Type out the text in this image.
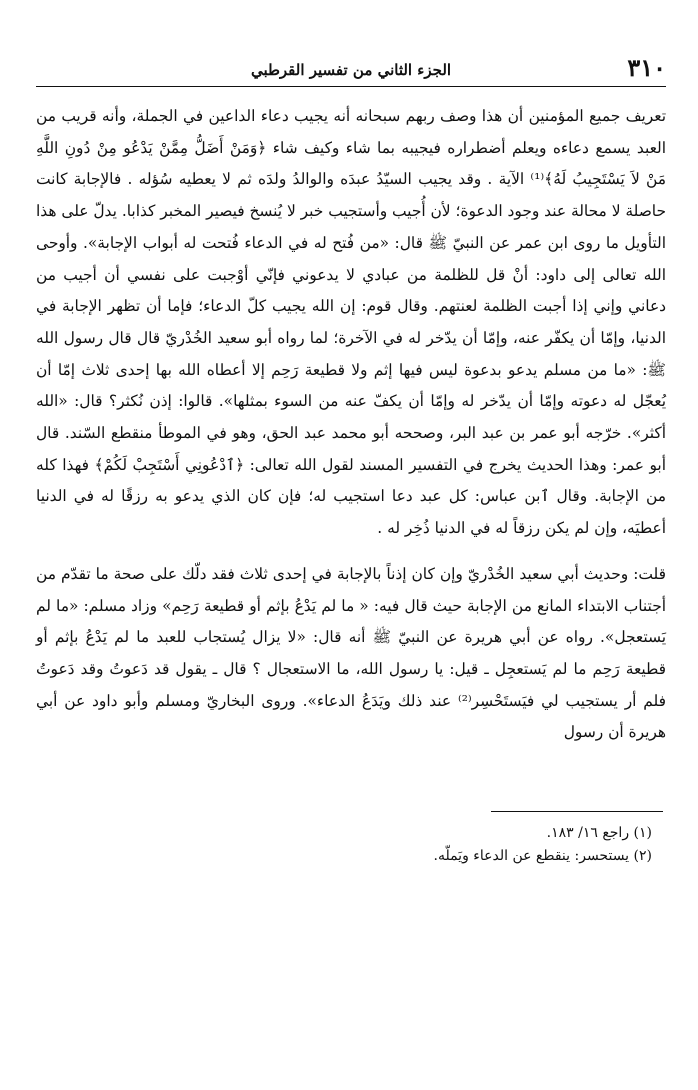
٣١٠
الجزء الثاني من تفسير القرطبي

تعريف جميع المؤمنين أن هذا وصف ربهم سبحانه أنه يجيب دعاء الداعين في الجملة، وأنه قريب من العبد يسمع دعاءه ويعلم أضطراره فيجيبه بما شاء وكيف شاء ﴿وَمَنْ أَضَلُّ مِمَّنْ يَدْعُو مِنْ دُونِ اللَّهِ مَنْ لاَ يَسْتَجِيبُ لَهُ﴾⁽¹⁾ الآية . وقد يجيب السيّدُ عبدَه والوالدُ ولدَه ثم لا يعطيه سُؤله . فالإجابة كانت حاصلة لا محالة عند وجود الدعوة؛ لأن أُجيب وأستجيب خبر لا يُنسخ فيصير المخبر كذابا. يدلّ على هذا التأويل ما روى ابن عمر عن النبيّ ﷺ قال: «من فُتح له في الدعاء فُتحت له أبواب الإجابة». وأوحى الله تعالى إلى داود: أنْ قل للظلمة من عبادي لا يدعوني فإنّي أوْجبت على نفسي أن أجيب من دعاني وإني إذا أجبت الظلمة لعنتهم. وقال قوم: إن الله يجيب كلّ الدعاء؛ فإما أن تظهر الإجابة في الدنيا، وإمّا أن يكفّر عنه، وإمّا أن يدّخر له في الآخرة؛ لما رواه أبو سعيد الخُدْريّ قال قال رسول الله ﷺ: «ما من مسلم يدعو بدعوة ليس فيها إثم ولا قطيعة رَحِم إلا أعطاه الله بها إحدى ثلاث إمّا أن يُعجّل له دعوته وإمّا أن يدّخر له وإمّا أن يكفّ عنه من السوء بمثلها». قالوا: إذن نُكثر؟ قال: «الله أكثر». خرّجه أبو عمر بن عبد البر، وصححه أبو محمد عبد الحق، وهو في الموطأ منقطع السّند. قال أبو عمر: وهذا الحديث يخرج في التفسير المسند لقول الله تعالى: ﴿ٱدْعُونِي أَسْتَجِبْ لَكُمْ﴾ فهذا كله من الإجابة. وقال ٱبن عباس: كل عبد دعا استجيب له؛ فإن كان الذي يدعو به رزقًا له في الدنيا أعطيَه، وإن لم يكن رزقاً له في الدنيا ذُخِر له .

قلت: وحديث أبي سعيد الخُدْريّ وإن كان إذناً بالإجابة في إحدى ثلاث فقد دلّك على صحة ما تقدّم من أجتناب الابتداء المانع من الإجابة حيث قال فيه: « ما لم يَدْعُ بإثم أو قطيعة رَحِم» وزاد مسلم: «ما لم يَستعجل». رواه عن أبي هريرة عن النبيّ ﷺ أنه قال: «لا يزال يُستجاب للعبد ما لم يَدْعُ بإثم أو قطيعة رَحِم ما لم يَستعجِل ـ قيل: يا رسول الله، ما الاستعجال ؟ قال ـ يقول قد دَعوتُ وقد دَعوتُ فلم أر يستجيب لي فيَستَحْسِر⁽²⁾ عند ذلك ويَدَعُ الدعاء». وروى البخاريّ ومسلم وأبو داود عن أبي هريرة أن رسول

(١) راجع ١٦/ ١٨٣.
(٢) يستحسر: ينقطع عن الدعاء ويَملّه.
